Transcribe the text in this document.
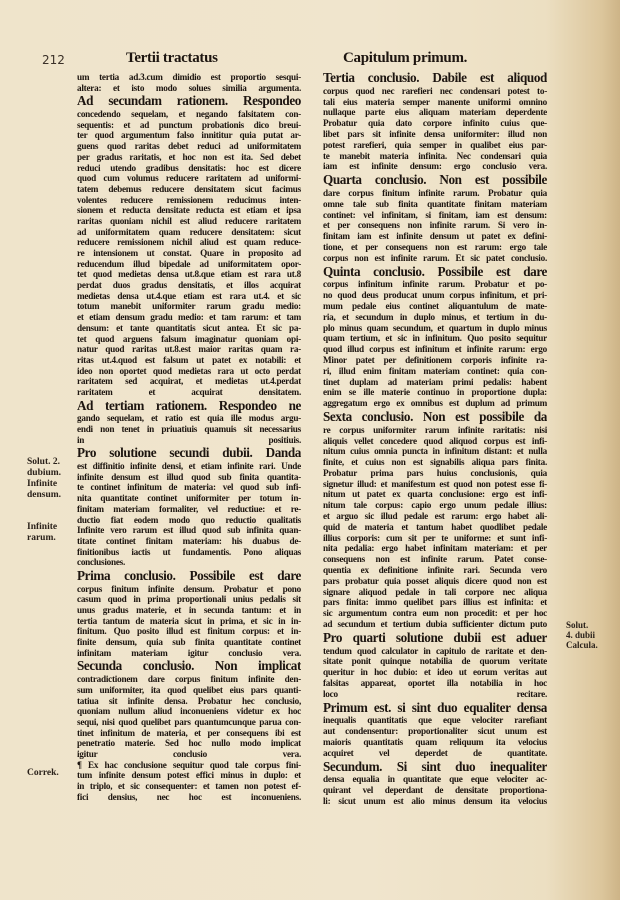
212	Tertii tractatus	Capitulum primum.
um tertia ad.3.cum dimidio est proportio sesqui-
altera: et isto modo solues similia argumenta.
Ad secundam rationem. Respondeo
concedendo sequelam, et negando falsitatem con-
sequentis: et ad punctum probationis dico breui-
ter quod argumentum falso innititur quia putat ar-
guens quod raritas debet reduci ad uniformitatem
per gradus raritatis, et hoc non est ita. Sed debet
reduci utendo gradibus densitatis: hoc est dicere
quod cum volumus reducere raritatem ad uniformi-
tatem debemus reducere densitatem sicut facimus
volentes reducere remissionem reducimus inten-
sionem et reducta densitate reducta est etiam et ipsa
raritas quoniam nichil est aliud reducere raritatem
ad uniformitatem quam reducere densitatem: sicut
reducere remissionem nichil aliud est quam reduce-
re intensionem ut constat. Quare in proposito ad
reducendum illud bipedale ad uniformitatem opor-
tet quod medietas densa ut.8.que etiam est rara ut.8
perdat duos gradus densitatis, et illos acquirat
medietas densa ut.4.que etiam est rara ut.4. et sic
totum manebit uniformiter rarum gradu medio:
et etiam densum gradu medio: et tam rarum: et tam
densum: et tante quantitatis sicut antea. Et sic pa-
tet quod arguens falsum imaginatur quoniam opi-
natur quod raritas ut.8.est maior raritas quam ra-
ritas ut.4.quod est falsum ut patet ex notabili: et
ideo non oportet quod medietas rara ut octo perdat
raritatem sed acquirat, et medietas ut.4.perdat
raritatem et acquirat densitatem.
Ad tertiam rationem. Respondeo ne
gando sequelam, et ratio est quia ille modus argu-
endi non tenet in priuatiuis quamuis sit necessarius
in positiuis.
Pro solutione secundi dubii. Danda
est diffinitio infinite densi, et etiam infinite rari. Unde
infinite densum est illud quod sub finita quantita-
te continet infinitum de materia: vel quod sub infi-
nita quantitate continet uniformiter per totum in-
finitam materiam formaliter, vel reductiue: et re-
ductio fiat eodem modo quo reductio qualitatis
Infinite vero rarum est illud quod sub infinita quan-
titate continet finitam materiam: his duabus de-
finitionibus iactis ut fundamentis. Pono aliquas
conclusiones.
Prima conclusio. Possibile est dare
corpus finitum infinite densum. Probatur et pono
casum quod in prima proportionali unius pedalis sit
unus gradus materie, et in secunda tantum: et in
tertia tantum de materia sicut in prima, et sic in in-
finitum. Quo posito illud est finitum corpus: et in-
finite densum, quia sub finita quantitate continet
infinitam materiam igitur conclusio vera.
Secunda conclusio. Non implicat
contradictionem dare corpus finitum infinite den-
sum uniformiter, ita quod quelibet eius pars quanti-
tatiua sit infinite densa. Probatur hec conclusio,
quoniam nullum aliud inconueniens videtur ex hoc
sequi, nisi quod quelibet pars quantumcunque parua con-
tinet infinitum de materia, et per consequens ibi est
penetratio materie. Sed hoc nullo modo implicat
igitur conclusio vera.
¶ Ex hac conclusione sequitur quod tale corpus fini-
tum infinite densum potest effici minus in duplo: et
in triplo, et sic consequenter: et tamen non potest ef-
fici densius, nec hoc est inconueniens.
Tertia conclusio. Dabile est aliquod
corpus quod nec rarefieri nec condensari potest to-
tali eius materia semper manente uniformi omnino
nullaque parte eius aliquam materiam deperdente
Probatur quia dato corpore infinito cuius que-
libet pars sit infinite densa uniformiter: illud non
potest rarefieri, quia semper in qualibet eius par-
te manebit materia infinita. Nec condensari quia
iam est infinite densum: ergo conclusio vera.
Quarta conclusio. Non est possibile
dare corpus finitum infinite rarum. Probatur quia
omne tale sub finita quantitate finitam materiam
continet: vel infinitam, si finitam, iam est densum:
et per consequens non infinite rarum. Si vero in-
finitam iam est infinite densum ut patet ex defini-
tione, et per consequens non est rarum: ergo tale
corpus non est infinite rarum. Et sic patet conclusio.
Quinta conclusio. Possibile est dare
corpus infinitum infinite rarum. Probatur et po-
no quod deus producat unum corpus infinitum, et pri-
mum pedale eius continet aliquantulum de mate-
ria, et secundum in duplo minus, et tertium in du-
plo minus quam secundum, et quartum in duplo minus
quam tertium, et sic in infinitum. Quo posito sequitur
quod illud corpus est infinitum et infinite rarum: ergo
Minor patet per definitionem corporis infinite ra-
ri, illud enim finitam materiam continet: quia con-
tinet duplam ad materiam primi pedalis: habent
enim se ille materie continuo in proportione dupla:
aggregatum ergo ex omnibus est duplum ad primum
Sexta conclusio. Non est possibile da
re corpus uniformiter rarum infinite raritatis: nisi
aliquis vellet concedere quod aliquod corpus est infi-
nitum cuius omnia puncta in infinitum distant: et nulla
finite, et cuius non est signabilis aliqua pars finita.
Probatur prima pars huius conclusionis, quia
signetur illud: et manifestum est quod non potest esse fi-
nitum ut patet ex quarta conclusione: ergo est infi-
nitum tale corpus: capio ergo unum pedale illius:
et arguo sic illud pedale est rarum: ergo habet ali-
quid de materia et tantum habet quodlibet pedale
illius corporis: cum sit per te uniforme: et sunt infi-
nita pedalia: ergo habet infinitam materiam: et per
consequens non est infinite rarum. Patet conse-
quentia ex definitione infinite rari. Secunda vero
pars probatur quia posset aliquis dicere quod non est
signare aliquod pedale in tali corpore nec aliqua
pars finita: immo quelibet pars illius est infinita: et
sic argumentum contra eum non procedit: et per hoc
ad secundum et tertium dubia sufficienter dictum puto
Pro quarti solutione dubii est aduer
tendum quod calculator in capitulo de raritate et den-
sitate ponit quinque notabilia de quorum veritate
queritur in hoc dubio: et ideo ut eorum veritas aut
falsitas appareat, oportet illa notabilia in hoc
loco recitare.
Primum est. si sint duo equaliter densa
inequalis quantitatis que eque velociter rarefiant
aut condensentur: proportionaliter sicut unum est
maioris quantitatis quam reliquum ita velocius
acquiret vel deperdet de quantitate.
Secundum. Si sint duo inequaliter
densa equalia in quantitate que eque velociter ac-
quirant vel deperdant de densitate proportiona-
li: sicut unum est alio minus densum ita velocius
Solut. 2.
dubium.
Infinite
densum.
Infinite
rarum.
Correk.
Solut.
4. dubii
Calcula.
